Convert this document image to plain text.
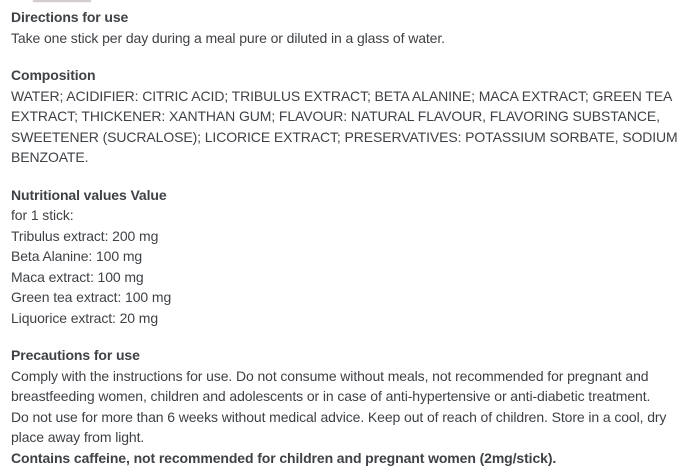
Directions for use
Take one stick per day during a meal pure or diluted in a glass of water.
Composition
WATER; ACIDIFIER: CITRIC ACID; TRIBULUS EXTRACT; BETA ALANINE; MACA EXTRACT; GREEN TEA
EXTRACT; THICKENER: XANTHAN GUM; FLAVOUR: NATURAL FLAVOUR, FLAVORING SUBSTANCE,
SWEETENER (SUCRALOSE); LICORICE EXTRACT; PRESERVATIVES: POTASSIUM SORBATE, SODIUM
BENZOATE.
Nutritional values Value
for 1 stick:
Tribulus extract: 200 mg
Beta Alanine: 100 mg
Maca extract: 100 mg
Green tea extract: 100 mg
Liquorice extract: 20 mg
Precautions for use
Comply with the instructions for use. Do not consume without meals, not recommended for pregnant and
breastfeeding women, children and adolescents or in case of anti-hypertensive or anti-diabetic treatment.
Do not use for more than 6 weeks without medical advice. Keep out of reach of children. Store in a cool, dry
place away from light.
Contains caffeine, not recommended for children and pregnant women (2mg/stick).
